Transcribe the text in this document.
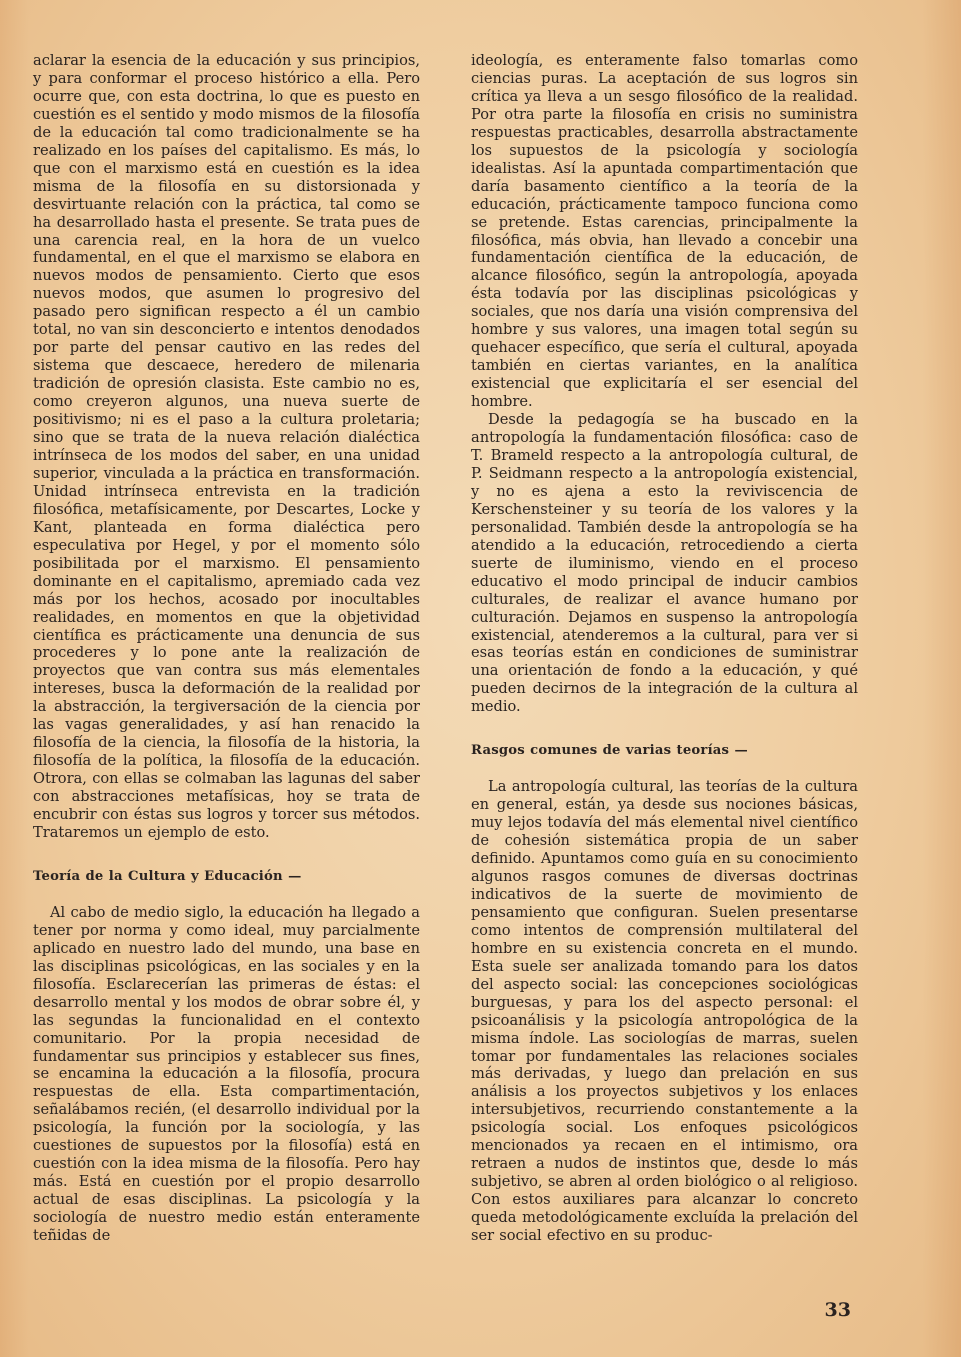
aclarar la esencia de la educación y sus principios, y para conformar el proceso histórico a ella. Pero ocurre que, con esta doctrina, lo que es puesto en cuestión es el sentido y modo mismos de la filosofía de la educación tal como tradicionalmente se ha realizado en los países del capitalismo. Es más, lo que con el marxismo está en cuestión es la idea misma de la filosofía en su distorsionada y desvirtuante relación con la práctica, tal como se ha desarrollado hasta el presente. Se trata pues de una carencia real, en la hora de un vuelco fundamental, en el que el marxismo se elabora en nuevos modos de pensamiento. Cierto que esos nuevos modos, que asumen lo progresivo del pasado pero significan respecto a él un cambio total, no van sin desconcierto e intentos denodados por parte del pensar cautivo en las redes del sistema que descaece, heredero de milenaria tradición de opresión clasista. Este cambio no es, como creyeron algunos, una nueva suerte de positivismo; ni es el paso a la cultura proletaria; sino que se trata de la nueva relación dialéctica intrínseca de los modos del saber, en una unidad superior, vinculada a la práctica en transformación. Unidad intrínseca entrevista en la tradición filosófica, metafísicamente, por Descartes, Locke y Kant, planteada en forma dialéctica pero especulativa por Hegel, y por el momento sólo posibilitada por el marxismo. El pensamiento dominante en el capitalismo, apremiado cada vez más por los hechos, acosado por inocultables realidades, en momentos en que la objetividad científica es prácticamente una denuncia de sus procederes y lo pone ante la realización de proyectos que van contra sus más elementales intereses, busca la deformación de la realidad por la abstracción, la tergiversación de la ciencia por las vagas generalidades, y así han renacido la filosofía de la ciencia, la filosofía de la historia, la filosofía de la política, la filosofía de la educación. Otrora, con ellas se colmaban las lagunas del saber con abstracciones metafísicas, hoy se trata de encubrir con éstas sus logros y torcer sus métodos. Trataremos un ejemplo de esto.

Teoría de la Cultura y Educación —

Al cabo de medio siglo, la educación ha llegado a tener por norma y como ideal, muy parcialmente aplicado en nuestro lado del mundo, una base en las disciplinas psicológicas, en las sociales y en la filosofía. Esclarecerían las primeras de éstas: el desarrollo mental y los modos de obrar sobre él, y las segundas la funcionalidad en el contexto comunitario. Por la propia necesidad de fundamentar sus principios y establecer sus fines, se encamina la educación a la filosofía, procura respuestas de ella. Esta compartimentación, señalábamos recién, (el desarrollo individual por la psicología, la función por la sociología, y las cuestiones de supuestos por la filosofía) está en cuestión con la idea misma de la filosofía. Pero hay más. Está en cuestión por el propio desarrollo actual de esas disciplinas. La psicología y la sociología de nuestro medio están enteramente teñidas de

ideología, es enteramente falso tomarlas como ciencias puras. La aceptación de sus logros sin crítica ya lleva a un sesgo filosófico de la realidad. Por otra parte la filosofía en crisis no suministra respuestas practicables, desarrolla abstractamente los supuestos de la psicología y sociología idealistas. Así la apuntada compartimentación que daría basamento científico a la teoría de la educación, prácticamente tampoco funciona como se pretende. Estas carencias, principalmente la filosófica, más obvia, han llevado a concebir una fundamentación científica de la educación, de alcance filosófico, según la antropología, apoyada ésta todavía por las disciplinas psicológicas y sociales, que nos daría una visión comprensiva del hombre y sus valores, una imagen total según su quehacer específico, que sería el cultural, apoyada también en ciertas variantes, en la analítica existencial que explicitaría el ser esencial del hombre.

Desde la pedagogía se ha buscado en la antropología la fundamentación filosófica: caso de T. Brameld respecto a la antropología cultural, de P. Seidmann respecto a la antropología existencial, y no es ajena a esto la reviviscencia de Kerschensteiner y su teoría de los valores y la personalidad. También desde la antropología se ha atendido a la educación, retrocediendo a cierta suerte de iluminismo, viendo en el proceso educativo el modo principal de inducir cambios culturales, de realizar el avance humano por culturación. Dejamos en suspenso la antropología existencial, atenderemos a la cultural, para ver si esas teorías están en condiciones de suministrar una orientación de fondo a la educación, y qué pueden decirnos de la integración de la cultura al medio.

Rasgos comunes de varias teorías —

La antropología cultural, las teorías de la cultura en general, están, ya desde sus nociones básicas, muy lejos todavía del más elemental nivel científico de cohesión sistemática propia de un saber definido. Apuntamos como guía en su conocimiento algunos rasgos comunes de diversas doctrinas indicativos de la suerte de movimiento de pensamiento que configuran. Suelen presentarse como intentos de comprensión multilateral del hombre en su existencia concreta en el mundo. Esta suele ser analizada tomando para los datos del aspecto social: las concepciones sociológicas burguesas, y para los del aspecto personal: el psicoanálisis y la psicología antropológica de la misma índole. Las sociologías de marras, suelen tomar por fundamentales las relaciones sociales más derivadas, y luego dan prelación en sus análisis a los proyectos subjetivos y los enlaces intersubjetivos, recurriendo constantemente a la psicología social. Los enfoques psicológicos mencionados ya recaen en el intimismo, ora retraen a nudos de instintos que, desde lo más subjetivo, se abren al orden biológico o al religioso. Con estos auxiliares para alcanzar lo concreto queda metodológicamente excluída la prelación del ser social efectivo en su produc-

33
